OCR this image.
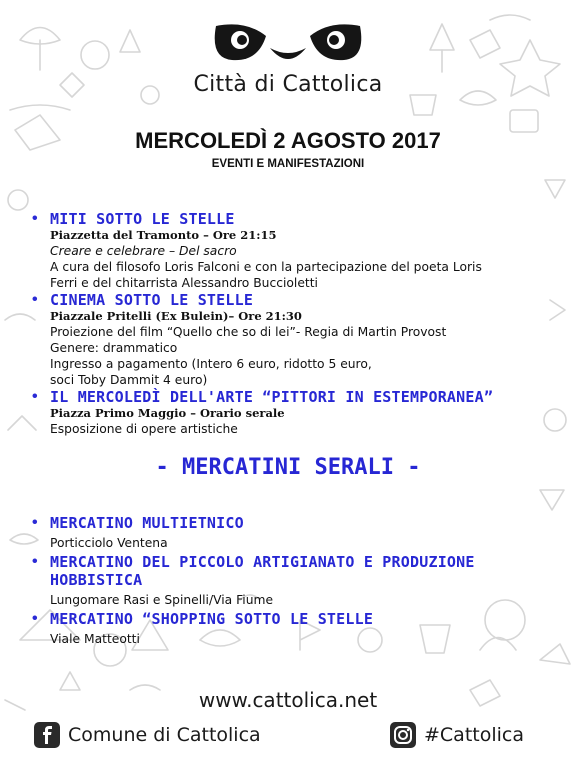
Città di Cattolica
MERCOLEDÌ 2 AGOSTO 2017
EVENTI E MANIFESTAZIONI
• MITI SOTTO LE STELLE
Piazzetta del Tramonto – Ore 21:15
Creare e celebrare – Del sacro
A cura del filosofo Loris Falconi e con la partecipazione del poeta Loris
Ferri e del chitarrista Alessandro Buccioletti
• CINEMA SOTTO LE STELLE
Piazzale Pritelli (Ex Bulein)– Ore 21:30
Proiezione del film “Quello che so di lei”- Regia di Martin Provost
Genere: drammatico
Ingresso a pagamento (Intero 6 euro, ridotto 5 euro,
soci Toby Dammit 4 euro)
• IL MERCOLEDÌ DELL'ARTE “PITTORI IN ESTEMPORANEA”
Piazza Primo Maggio – Orario serale
Esposizione di opere artistiche
- MERCATINI SERALI -
• MERCATINO MULTIETNICO
Porticciolo Ventena
• MERCATINO DEL PICCOLO ARTIGIANATO E PRODUZIONE HOBBISTICA
Lungomare Rasi e Spinelli/Via Fiume
• MERCATINO “SHOPPING SOTTO LE STELLE
Viale Matteotti
www.cattolica.net
Comune di Cattolica	#Cattolica
